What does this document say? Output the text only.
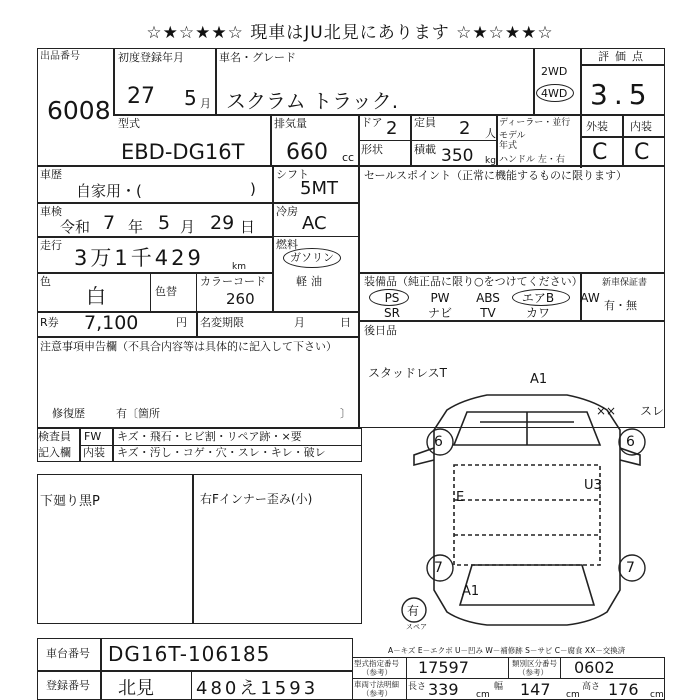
☆★☆★★☆ 現車はJU北見にあります ☆★☆★★☆
出品番号
6008
初度登録年月
27 5 月
車名・グレード
スクラム トラック.
2WD
4WD
評価点
3.5
型式
EBD-DG16T
排気量
660 cc
ドア 2 定員 2 人
形状	積載 350 kg
ディーラー・並行
モデル
年式
ハンドル 左・右
外装 内装
C C
車歴
自家用・(	)
シフト
5MT
車検
令和 7 年 5 月 29 日
冷房
AC
走行
3万1千429	km
燃料
ガソリン
軽油
色
白	色替
カラーコード
260
R券 7,100	円 名変期限	月	日
注意事項申告欄（不具合内容等は具体的に記入して下さい）
修復歴	有〔箇所	〕
セールスポイント（正常に機能するものに限ります）
装備品（純正品に限り○をつけてください）
PS	PW	ABS	エアB	AW
SR	ナビ	TV	カワ
新車保証書
有・無
後日品
検査員
記入欄
FW
内装
キズ・飛石・ヒビ割・リペア跡・×要
キズ・汚し・コゲ・穴・スレ・キレ・破レ
下廻り黒P	右Fインナー歪み(小)
スタッドレスT	A1
×× スレ
6	6
E
U3
7	7
A1
有
スペア
A－キズ E－エクボ U－凹み W－補修跡 S－サビ C－腐食 XX－交換済
車台番号 DG16T-106185
登録番号 北見 480え1593
型式指定番号
（参考） 17597	類別区分番号
（参考） 0602
車両寸法明細
（参考）
長さ 339 cm
幅 147 cm
高さ 176 cm
